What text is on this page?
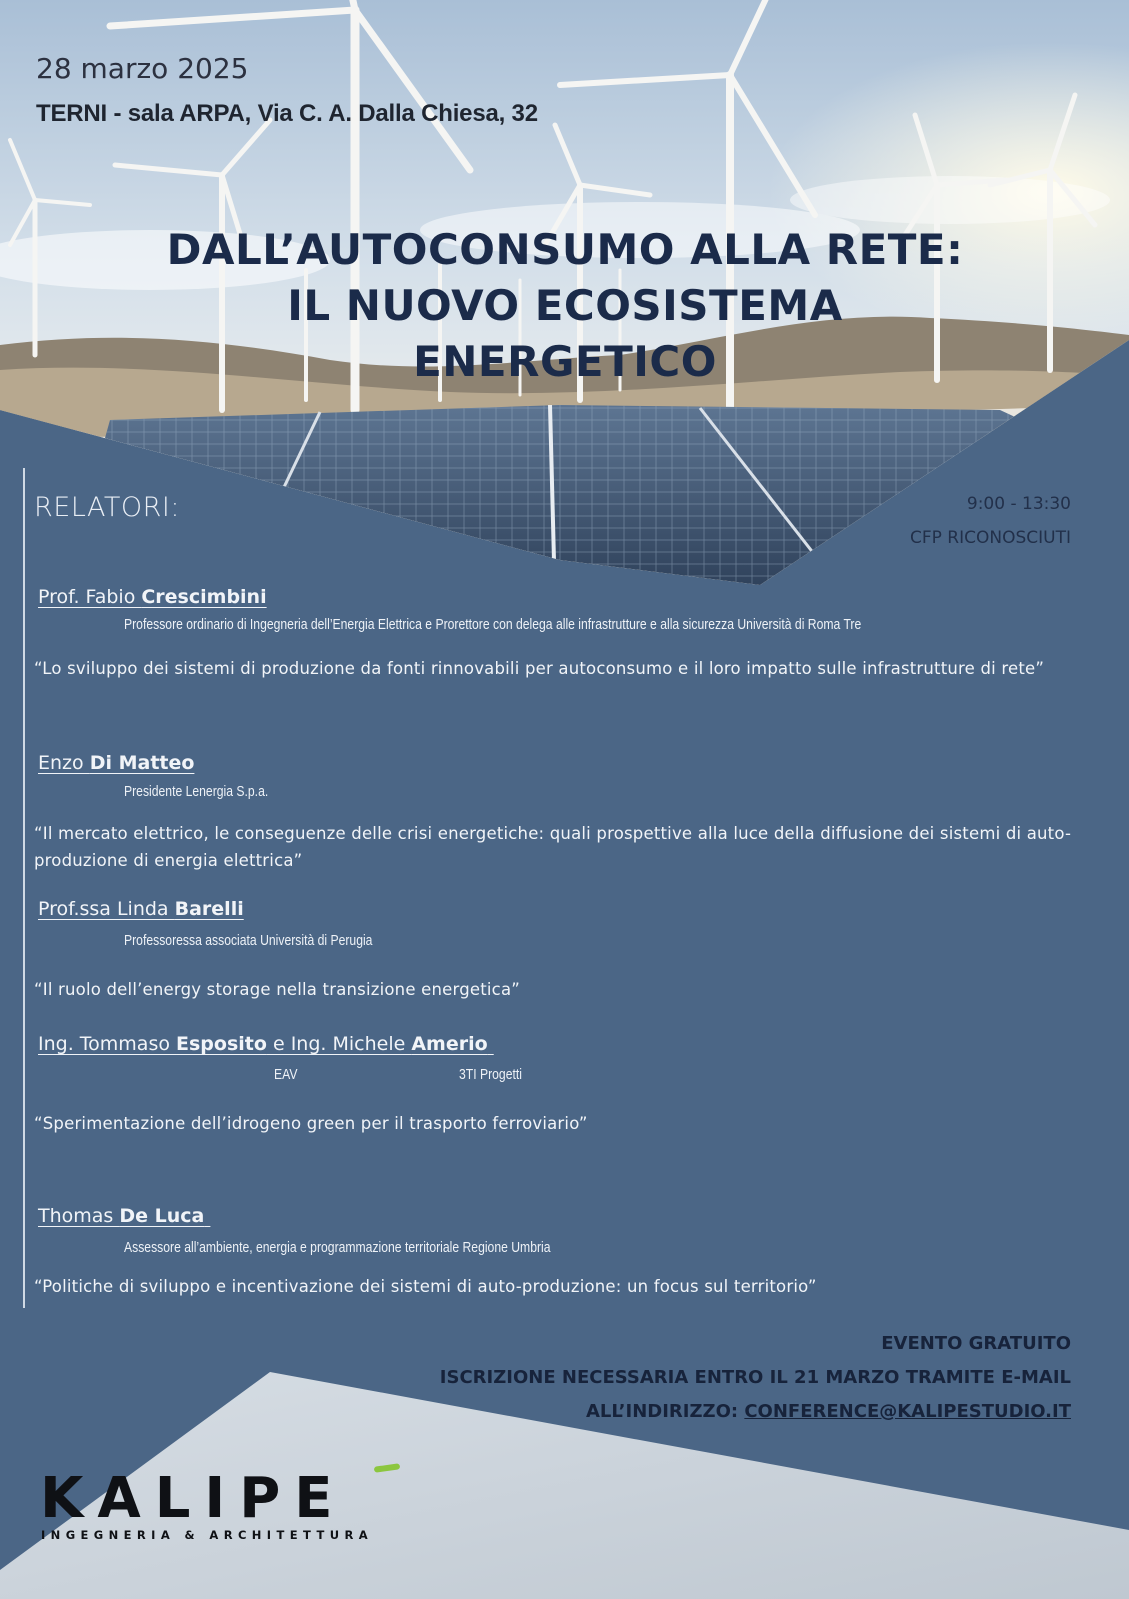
28 marzo 2025
TERNI - sala ARPA, Via C. A. Dalla Chiesa, 32
DALL’AUTOCONSUMO ALLA RETE:
IL NUOVO ECOSISTEMA
ENERGETICO
RELATORI:	9:00 - 13:30
CFP RICONOSCIUTI
Prof. Fabio Crescimbini
Professore ordinario di Ingegneria dell’Energia Elettrica e Prorettore con delega alle infrastrutture e alla sicurezza Università di Roma Tre
“Lo sviluppo dei sistemi di produzione da fonti rinnovabili per autoconsumo e il loro impatto sulle infrastrutture di rete”
Enzo Di Matteo
Presidente Lenergia S.p.a.
“Il mercato elettrico, le conseguenze delle crisi energetiche: quali prospettive alla luce della diffusione dei sistemi di auto-produzione di energia elettrica”
Prof.ssa Linda Barelli
Professoressa associata Università di Perugia
“Il ruolo dell’energy storage nella transizione energetica”
Ing. Tommaso Esposito e Ing. Michele Amerio
EAV	3TI Progetti
“Sperimentazione dell’idrogeno green per il trasporto ferroviario”
Thomas De Luca
Assessore all’ambiente, energia e programmazione territoriale Regione Umbria
“Politiche di sviluppo e incentivazione dei sistemi di auto-produzione: un focus sul territorio”
EVENTO GRATUITO
ISCRIZIONE NECESSARIA ENTRO IL 21 MARZO TRAMITE E-MAIL
ALL’INDIRIZZO: CONFERENCE@KALIPESTUDIO.IT
KALIPE
INGEGNERIA & ARCHITETTURA
